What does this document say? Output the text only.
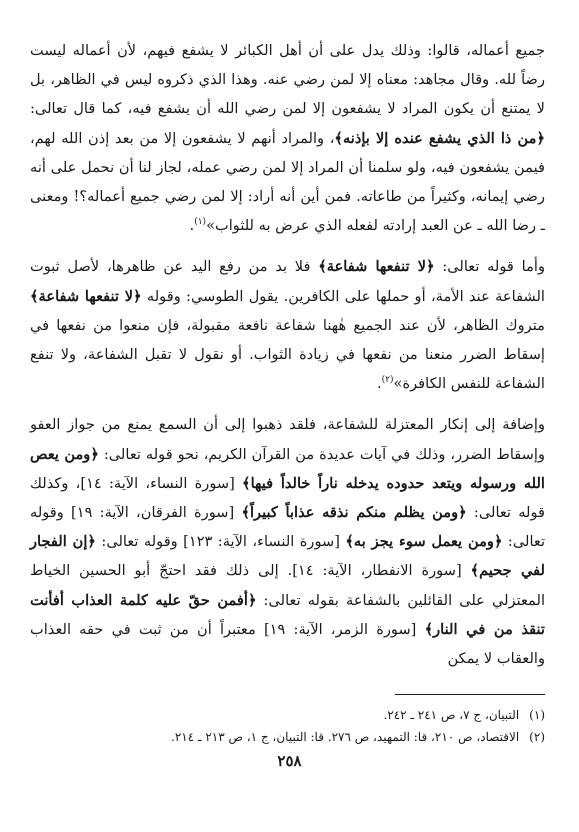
جميع أعماله، قالوا: وذلك يدل على أن أهل الكبائر لا يشفع فيهم، لأن أعماله ليست رضاً لله. وقال مجاهد: معناه إلا لمن رضي عنه. وهذا الذي ذكروه ليس في الظاهر، بل لا يمتنع أن يكون المراد لا يشفعون إلا لمن رضي الله أن يشفع فيه، كما قال تعالى: ﴿من ذا الذي يشفع عنده إلا بإذنه﴾، والمراد أنهم لا يشفعون إلا من بعد إذن الله لهم، فيمن يشفعون فيه، ولو سلمنا أن المراد إلا لمن رضي عمله، لجاز لنا أن نحمل على أنه رضي إيمانه، وكثيراً من طاعاته. فمن أين أنه أراد: إلا لمن رضي جميع أعماله؟! ومعنى ـ رضا الله ـ عن العبد إرادته لفعله الذي عرض به للثواب»$^{(١)}$.

وأما قوله تعالى: ﴿لا تنفعها شفاعة﴾ فلا بد من رفع اليد عن ظاهرها، لأصل ثبوت الشفاعة عند الأمة، أو حملها على الكافرين. يقول الطوسي: وقوله ﴿لا تنفعها شفاعة﴾ متروك الظاهر، لأن عند الجميع هٰهنا شفاعة نافعة مقبولة، فإن منعوا من نفعها في إسقاط الضرر منعنا من نفعها في زيادة الثواب. أو نقول لا تقبل الشفاعة، ولا تنفع الشفاعة للنفس الكافرة»$^{(٢)}$.

وإضافة إلى إنكار المعتزلة للشفاعة، فلقد ذهبوا إلى أن السمع يمنع من جواز العفو وإسقاط الضرر، وذلك في آيات عديدة من القرآن الكريم، نحو قوله تعالى: ﴿ومن يعص الله ورسوله ويتعد حدوده يدخله ناراً خالداً فيها﴾ [سورة النساء، الآية: ١٤]، وكذلك قوله تعالى: ﴿ومن يظلم منكم نذقه عذاباً كبيراً﴾ [سورة الفرقان، الآية: ١٩] وقوله تعالى: ﴿ومن يعمل سوء يجز به﴾ [سورة النساء، الآية: ١٢٣] وقوله تعالى: ﴿إن الفجار لفي جحيم﴾ [سورة الانفطار، الآية: ١٤]. إلى ذلك فقد احتجّ أبو الحسين الخياط المعتزلي على القائلين بالشفاعة بقوله تعالى: ﴿أفمن حقّ عليه كلمة العذاب أفأنت تنقذ من في النار﴾ [سورة الزمر، الآية: ١٩] معتبراً أن من ثبت في حقه العذاب والعقاب لا يمكن

(١)التبيان، ج ٧، ص ٢٤١ ـ ٢٤٢.

(٢)الاقتصاد، ص ٢١٠، قا: التمهيد، ص ٢٧٦. قا: التبيان، ج ١، ص ٢١٣ ـ ٢١٤.

٢٥٨
